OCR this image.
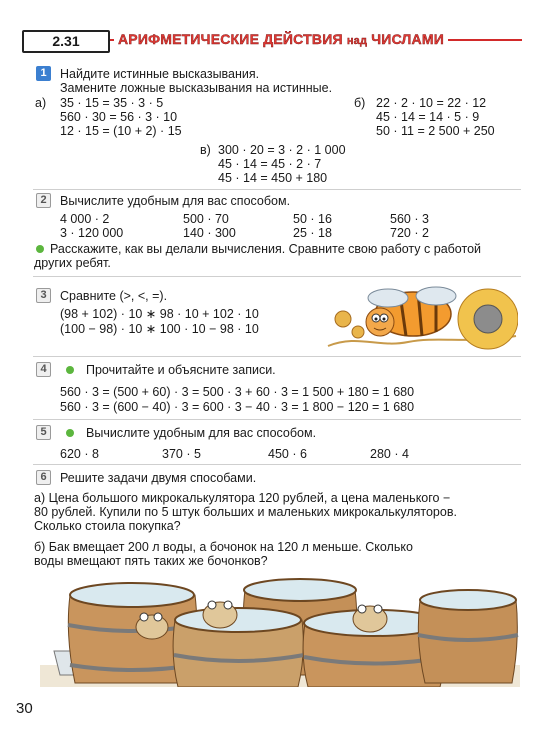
2.31	АРИФМЕТИЧЕСКИЕ ДЕЙСТВИЯ над ЧИСЛАМИ
1	Найдите истинные высказывания.
Замените ложные высказывания на истинные.
а) 35 · 15 = 35 · 3 · 5
560 · 30 = 56 · 3 · 10
12 · 15 = (10 + 2) · 15
б) 22 · 2 · 10 = 22 · 12
45 · 14 = 14 · 5 · 9
50 · 11 = 2 500 + 250
в) 300 · 20 = 3 · 2 · 1 000
45 · 14 = 45 · 2 · 7
45 · 14 = 450 + 180
2	Вычислите удобным для вас способом.
4 000 · 2	500 · 70	50 · 16	560 · 3
3 · 120 000	140 · 300	25 · 18	720 · 2
Расскажите, как вы делали вычисления. Сравните свою работу с работой
других ребят.
3	Сравните (>, <, =).
(98 + 102) · 10 ∗ 98 · 10 + 102 · 10
(100 − 98) · 10 ∗ 100 · 10 − 98 · 10
4	Прочитайте и объясните записи.
560 · 3 = (500 + 60) · 3 = 500 · 3 + 60 · 3 = 1 500 + 180 = 1 680
560 · 3 = (600 − 40) · 3 = 600 · 3 − 40 · 3 = 1 800 − 120 = 1 680
5	Вычислите удобным для вас способом.
620 · 8	370 · 5	450 · 6	280 · 4
6	Решите задачи двумя способами.
а) Цена большого микрокалькулятора 120 рублей, а цена маленького −
80 рублей. Купили по 5 штук больших и маленьких микрокалькуляторов.
Сколько стоила покупка?
б) Бак вмещает 200 л воды, а бочонок на 120 л меньше. Сколько
воды вмещают пять таких же бочонков?
30
